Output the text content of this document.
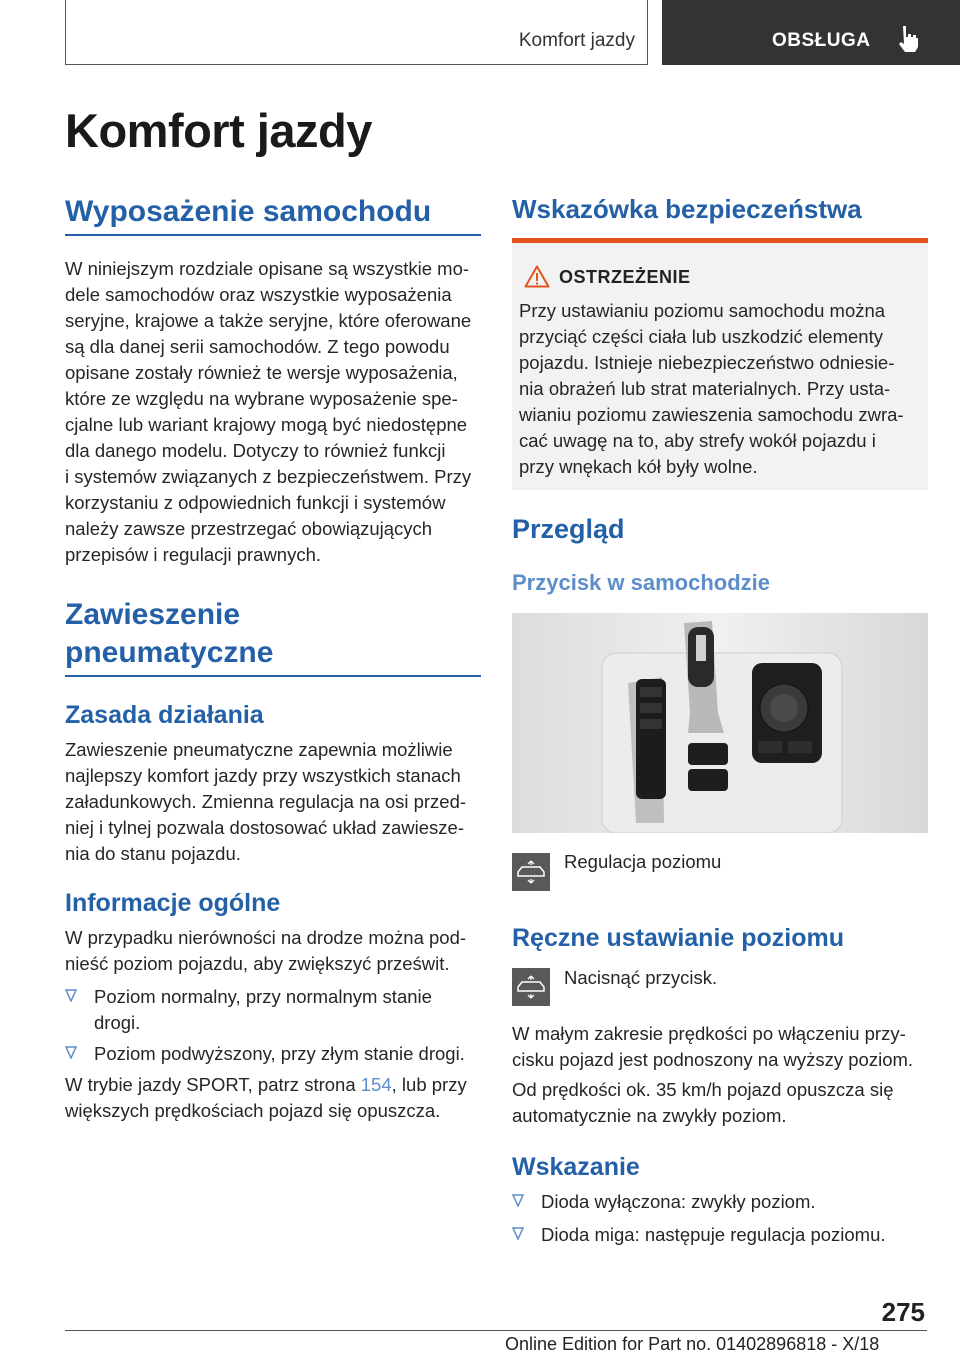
Komfort jazdy	OBSŁUGA
Komfort jazdy
Wyposażenie samochodu
W niniejszym rozdziale opisane są wszystkie mo-
dele samochodów oraz wszystkie wyposażenia
seryjne, krajowe a także seryjne, które oferowane
są dla danej serii samochodów. Z tego powodu
opisane zostały również te wersje wyposażenia,
które ze względu na wybrane wyposażenie spe-
cjalne lub wariant krajowy mogą być niedostępne
dla danego modelu. Dotyczy to również funkcji
i systemów związanych z bezpieczeństwem. Przy
korzystaniu z odpowiednich funkcji i systemów
należy zawsze przestrzegać obowiązujących
przepisów i regulacji prawnych.
Zawieszenie
pneumatyczne
Zasada działania
Zawieszenie pneumatyczne zapewnia możliwie
najlepszy komfort jazdy przy wszystkich stanach
załadunkowych. Zmienna regulacja na osi przed-
niej i tylnej pozwala dostosować układ zawiesze-
nia do stanu pojazdu.
Informacje ogólne
W przypadku nierówności na drodze można pod-
nieść poziom pojazdu, aby zwiększyć prześwit.
Poziom normalny, przy normalnym stanie
drogi.
Poziom podwyższony, przy złym stanie drogi.
W trybie jazdy SPORT, patrz strona 154, lub przy
większych prędkościach pojazd się opuszcza.
Wskazówka bezpieczeństwa
OSTRZEŻENIE
Przy ustawianiu poziomu samochodu można
przyciąć części ciała lub uszkodzić elementy
pojazdu. Istnieje niebezpieczeństwo odniesie-
nia obrażeń lub strat materialnych. Przy usta-
wianiu poziomu zawieszenia samochodu zwra-
cać uwagę na to, aby strefy wokół pojazdu i
przy wnękach kół były wolne.
Przegląd
Przycisk w samochodzie
Regulacja poziomu
Ręczne ustawianie poziomu
Nacisnąć przycisk.
W małym zakresie prędkości po włączeniu przy-
cisku pojazd jest podnoszony na wyższy poziom.
Od prędkości ok. 35 km/h pojazd opuszcza się
automatycznie na zwykły poziom.
Wskazanie
Dioda wyłączona: zwykły poziom.
Dioda miga: następuje regulacja poziomu.
275
Online Edition for Part no. 01402896818 - X/18
